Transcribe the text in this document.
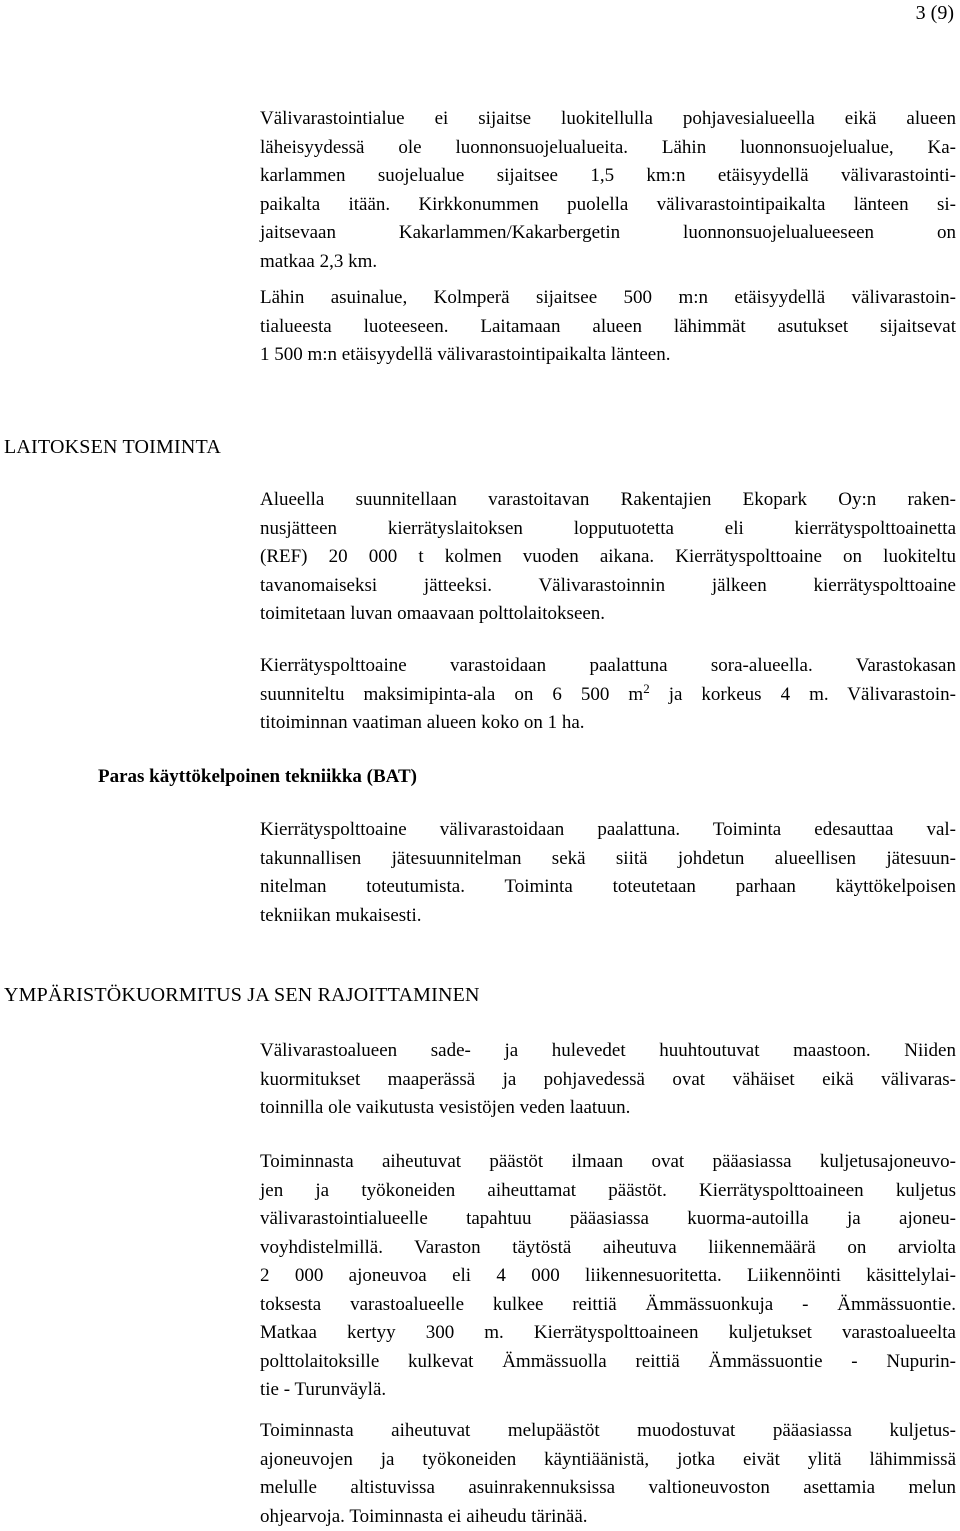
3 (9)
Välivarastointialue ei sijaitse luokitellulla pohjavesialueella eikä alueen
läheisyydessä ole luonnonsuojelualueita. Lähin luonnonsuojelualue, Ka-
karlammen suojelualue sijaitsee 1,5 km:n etäisyydellä välivarastointi-
paikalta itään. Kirkkonummen puolella välivarastointipaikalta länteen si-
jaitsevaan Kakarlammen/Kakarbergetin luonnonsuojelualueeseen on
matkaa 2,3 km.
Lähin asuinalue, Kolmperä sijaitsee 500 m:n etäisyydellä välivarastoin-
tialueesta luoteeseen. Laitamaan alueen lähimmät asutukset sijaitsevat
1 500 m:n etäisyydellä välivarastointipaikalta länteen.
LAITOKSEN TOIMINTA
Alueella suunnitellaan varastoitavan Rakentajien Ekopark Oy:n raken-
nusjätteen kierrätyslaitoksen lopputuotetta eli kierrätyspolttoainetta
(REF) 20 000 t kolmen vuoden aikana. Kierrätyspolttoaine on luokiteltu
tavanomaiseksi jätteeksi. Välivarastoinnin jälkeen kierrätyspolttoaine
toimitetaan luvan omaavaan polttolaitokseen.
Kierrätyspolttoaine varastoidaan paalattuna sora-alueella. Varastokasan
suunniteltu maksimipinta-ala on 6 500 $m^2$ ja korkeus 4 m. Välivarastoin-
titoiminnan vaatiman alueen koko on 1 ha.
Paras käyttökelpoinen tekniikka (BAT)
Kierrätyspolttoaine välivarastoidaan paalattuna. Toiminta edesauttaa val-
takunnallisen jätesuunnitelman sekä siitä johdetun alueellisen jätesuun-
nitelman toteutumista. Toiminta toteutetaan parhaan käyttökelpoisen
tekniikan mukaisesti.
YMPÄRISTÖKUORMITUS JA SEN RAJOITTAMINEN
Välivarastoalueen sade- ja hulevedet huuhtoutuvat maastoon. Niiden
kuormitukset maaperässä ja pohjavedessä ovat vähäiset eikä välivaras-
toinnilla ole vaikutusta vesistöjen veden laatuun.
Toiminnasta aiheutuvat päästöt ilmaan ovat pääasiassa kuljetusajoneuvo-
jen ja työkoneiden aiheuttamat päästöt. Kierrätyspolttoaineen kuljetus
välivarastointialueelle tapahtuu pääasiassa kuorma-autoilla ja ajoneu-
voyhdistelmillä. Varaston täytöstä aiheutuva liikennemäärä on arviolta
2 000 ajoneuvoa eli 4 000 liikennesuoritetta. Liikennöinti käsittelylai-
toksesta varastoalueelle kulkee reittiä Ämmässuonkuja - Ämmässuontie.
Matkaa kertyy 300 m. Kierrätyspolttoaineen kuljetukset varastoalueelta
polttolaitoksille kulkevat Ämmässuolla reittiä Ämmässuontie - Nupurin-
tie - Turunväylä.
Toiminnasta aiheutuvat melupäästöt muodostuvat pääasiassa kuljetus-
ajoneuvojen ja työkoneiden käyntiäänistä, jotka eivät ylitä lähimmissä
melulle altistuvissa asuinrakennuksissa valtioneuvoston asettamia melun
ohjearvoja. Toiminnasta ei aiheudu tärinää.
